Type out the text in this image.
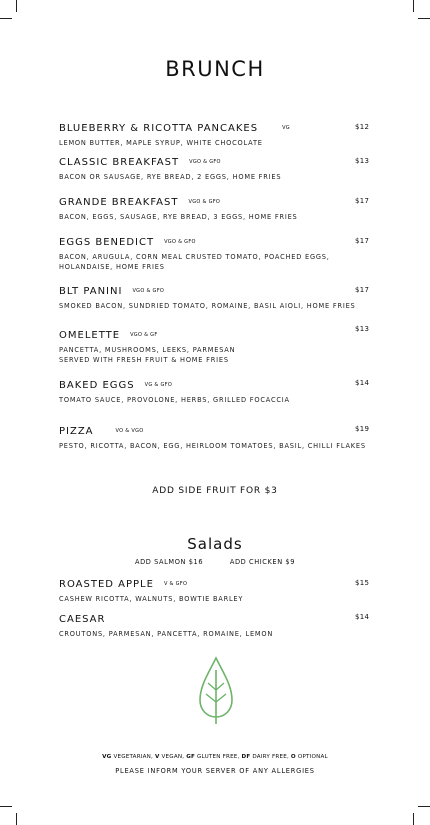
BRUNCH
BLUEBERRY & RICOTTA PANCAKES	VG
LEMON BUTTER, MAPLE SYRUP, WHITE CHOCOLATE
$12
CLASSIC BREAKFAST VGO & GFO
BACON OR SAUSAGE, RYE BREAD, 2 EGGS, HOME FRIES
$13
GRANDE BREAKFAST VGO & GFO
BACON, EGGS, SAUSAGE, RYE BREAD, 3 EGGS, HOME FRIES
$17
EGGS BENEDICT VGO & GFO
BACON, ARUGULA, CORN MEAL CRUSTED TOMATO, POACHED EGGS, HOLANDAISE, HOME FRIES
$17
BLT PANINI VGO & GFO
SMOKED BACON, SUNDRIED TOMATO, ROMAINE, BASIL AIOLI, HOME FRIES
$17
OMELETTE VGO & GF
PANCETTA, MUSHROOMS, LEEKS, PARMESAN
SERVED WITH FRESH FRUIT & HOME FRIES
$13
BAKED EGGS VG & GFO
TOMATO SAUCE, PROVOLONE, HERBS, GRILLED FOCACCIA
$14
PIZZA	VO & VGO
PESTO, RICOTTA, BACON, EGG, HEIRLOOM TOMATOES, BASIL, CHILLI FLAKES
$19
ADD SIDE FRUIT FOR $3
Salads
ADD SALMON $16	ADD CHICKEN $9
ROASTED APPLE V & GFO
CASHEW RICOTTA, WALNUTS, BOWTIE BARLEY
$15
CAESAR
CROUTONS, PARMESAN, PANCETTA, ROMAINE, LEMON
$14
VG VEGETARIAN, V VEGAN, GF GLUTEN FREE, DF DAIRY FREE, O OPTIONAL
PLEASE INFORM YOUR SERVER OF ANY ALLERGIES
